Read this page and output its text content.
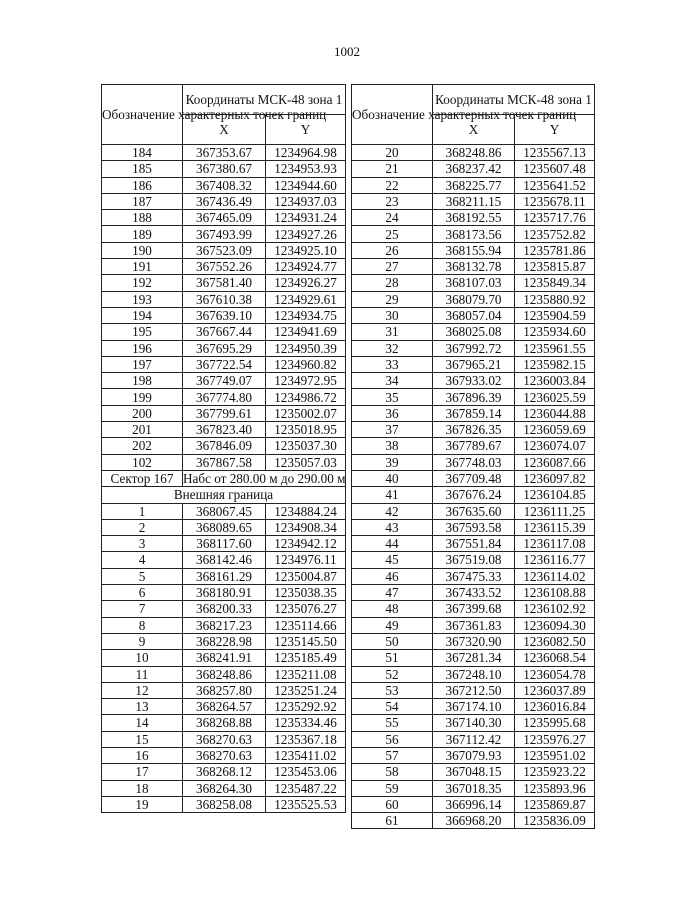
1002
Обозначение характерных точек границ	Координаты МСК-48 зона 1	
	X	Y
184	367353.67	1234964.98
185	367380.67	1234953.93
186	367408.32	1234944.60
187	367436.49	1234937.03
188	367465.09	1234931.24
189	367493.99	1234927.26
190	367523.09	1234925.10
191	367552.26	1234924.77
192	367581.40	1234926.27
193	367610.38	1234929.61
194	367639.10	1234934.75
195	367667.44	1234941.69
196	367695.29	1234950.39
197	367722.54	1234960.82
198	367749.07	1234972.95
199	367774.80	1234986.72
200	367799.61	1235002.07
201	367823.40	1235018.95
202	367846.09	1235037.30
102	367867.58	1235057.03
Сектор 167	Набс от 280.00 м до 290.00 м	

Внешняя граница		
1	368067.45	1234884.24
2	368089.65	1234908.34
3	368117.60	1234942.12
4	368142.46	1234976.11
5	368161.29	1235004.87
6	368180.91	1235038.35
7	368200.33	1235076.27
8	368217.23	1235114.66
9	368228.98	1235145.50
10	368241.91	1235185.49
11	368248.86	1235211.08
12	368257.80	1235251.24
13	368264.57	1235292.92
14	368268.88	1235334.46
15	368270.63	1235367.18
16	368270.63	1235411.02
17	368268.12	1235453.06
18	368264.30	1235487.22
19	368258.08	1235525.53
Обозначение характерных точек границ	Координаты МСК-48 зона 1	
	X	Y
20	368248.86	1235567.13
21	368237.42	1235607.48
22	368225.77	1235641.52
23	368211.15	1235678.11
24	368192.55	1235717.76
25	368173.56	1235752.82
26	368155.94	1235781.86
27	368132.78	1235815.87
28	368107.03	1235849.34
29	368079.70	1235880.92
30	368057.04	1235904.59
31	368025.08	1235934.60
32	367992.72	1235961.55
33	367965.21	1235982.15
34	367933.02	1236003.84
35	367896.39	1236025.59
36	367859.14	1236044.88
37	367826.35	1236059.69
38	367789.67	1236074.07
39	367748.03	1236087.66
40	367709.48	1236097.82
41	367676.24	1236104.85
42	367635.60	1236111.25
43	367593.58	1236115.39
44	367551.84	1236117.08
45	367519.08	1236116.77
46	367475.33	1236114.02
47	367433.52	1236108.88
48	367399.68	1236102.92
49	367361.83	1236094.30
50	367320.90	1236082.50
51	367281.34	1236068.54
52	367248.10	1236054.78
53	367212.50	1236037.89
54	367174.10	1236016.84
55	367140.30	1235995.68
56	367112.42	1235976.27
57	367079.93	1235951.02
58	367048.15	1235923.22
59	367018.35	1235893.96
60	366996.14	1235869.87
61	366968.20	1235836.09
